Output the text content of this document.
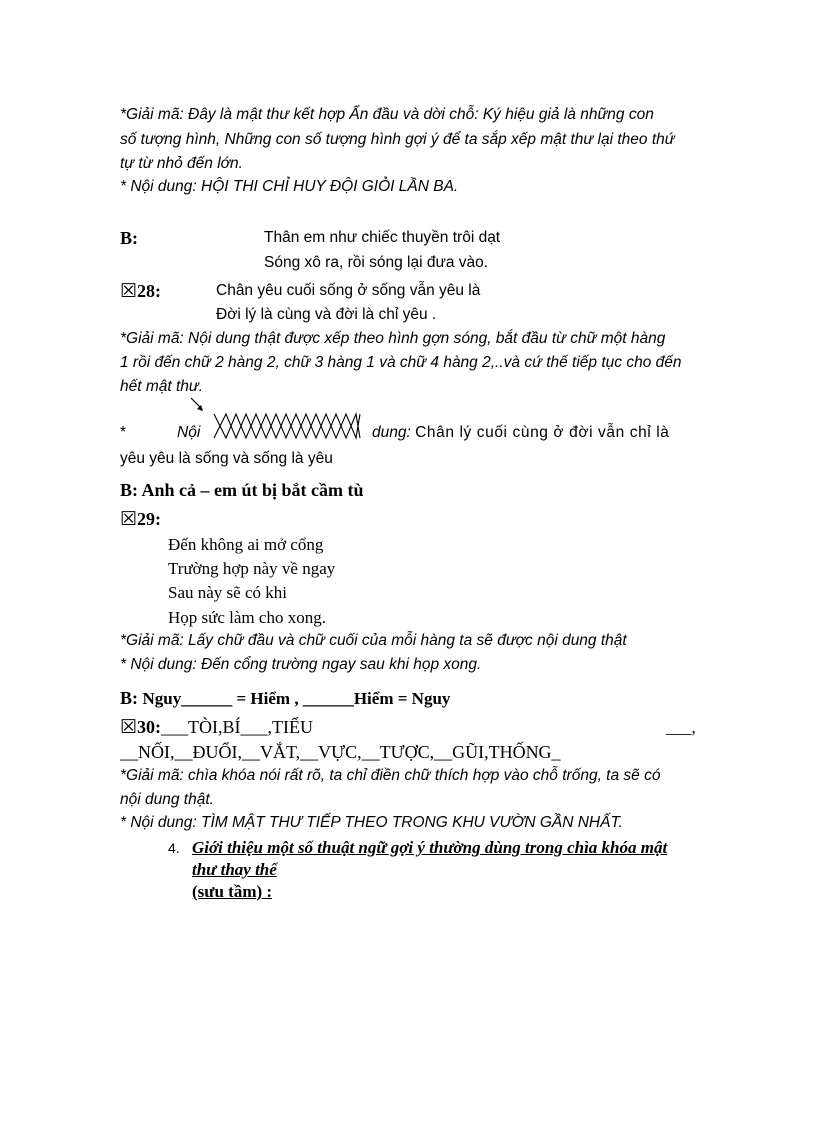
*Giải mã: Đây là mật thư kết hợp Ẩn đầu và dời chỗ: Ký hiệu giả là những con
số tượng hình, Những con số tượng hình gợi ý để ta sắp xếp mật thư lại theo thứ
tự từ nhỏ đến lớn.
* Nội dung: HỘI THI CHỈ HUY ĐỘI GIỎI LẦN BA.
B:	Thân em như chiếc thuyền trôi dạt
Sóng xô ra, rồi sóng lại đưa vào.
☒28:	Chân yêu cuối sống ở sống vẫn yêu là
Đời lý là cùng và đời là chỉ yêu .
*Giải mã: Nội dung thật được xếp theo hình gợn sóng, bắt đầu từ chữ một hàng
1 rồi đến chữ 2 hàng 2, chữ 3 hàng 1 và chữ 4 hàng 2,..và cứ thế tiếp tục cho đến
hết mật thư.
*	Nội	dung: Chân lý cuối cùng ở đời vẫn chỉ là
yêu yêu là sống và sống là yêu
B: Anh cả – em út bị bắt cầm tù
☒29:
Đến không ai mở cổng
Trường hợp này về ngay
Sau này sẽ có khi
Họp sức làm cho xong.
*Giải mã: Lấy chữ đầu và chữ cuối của mỗi hàng ta sẽ được nội dung thật
* Nội dung: Đến cổng trường ngay sau khi họp xong.
B: Nguy______ = Hiểm , ______Hiểm = Nguy
☒30:___TÒI,BÍ___,TIỂU	___,
__NỐI,__ĐUỔI,__VẮT,__VỰC,__TƯỢC,__GŨI,THỐNG_
*Giải mã: chìa khóa nói rất rõ, ta chỉ điền chữ thích hợp vào chỗ trống, ta sẽ có
nội dung thật.
* Nội dung: TÌM MẬT THƯ TIẾP THEO TRONG KHU VƯỜN GẦN NHẤT.
4. Giới thiệu một số thuật ngữ gợi ý thường dùng trong chìa khóa mật
thư thay thế
(sưu tầm) :
